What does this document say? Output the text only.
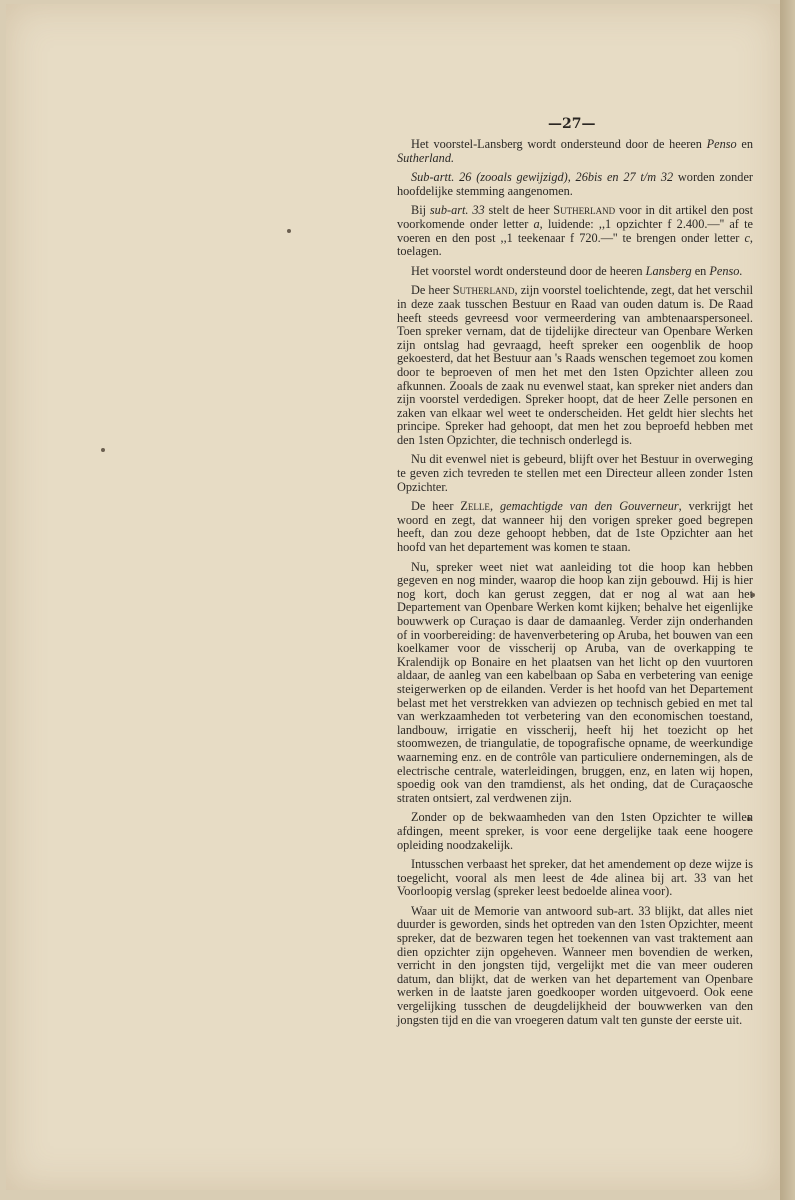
—27—

Het voorstel-Lansberg wordt ondersteund door de heeren Penso en Sutherland.

Sub-artt. 26 (zooals gewijzigd), 26bis en 27 t/m 32 worden zonder hoofdelijke stemming aangenomen.

Bij sub-art. 33 stelt de heer Sutherland voor in dit artikel den post voorkomende onder letter a, luidende: ,,1 opzichter f 2.400.—'' af te voeren en den post ,,1 teekenaar f 720.—'' te brengen onder letter c, toelagen.

Het voorstel wordt ondersteund door de heeren Lansberg en Penso.

De heer Sutherland, zijn voorstel toelichtende, zegt, dat het verschil in deze zaak tusschen Bestuur en Raad van ouden datum is. De Raad heeft steeds gevreesd voor vermeerdering van ambtenaarspersoneel. Toen spreker vernam, dat de tijdelijke directeur van Openbare Werken zijn ontslag had gevraagd, heeft spreker een oogenblik de hoop gekoesterd, dat het Bestuur aan 's Raads wenschen tegemoet zou komen door te beproeven of men het met den 1sten Opzichter alleen zou afkunnen. Zooals de zaak nu evenwel staat, kan spreker niet anders dan zijn voorstel verdedigen. Spreker hoopt, dat de heer Zelle personen en zaken van elkaar wel weet te onderscheiden. Het geldt hier slechts het principe. Spreker had gehoopt, dat men het zou beproefd hebben met den 1sten Opzichter, die technisch onderlegd is.

Nu dit evenwel niet is gebeurd, blijft over het Bestuur in overweging te geven zich tevreden te stellen met een Directeur alleen zonder 1sten Opzichter.

De heer Zelle, gemachtigde van den Gouverneur, verkrijgt het woord en zegt, dat wanneer hij den vorigen spreker goed begrepen heeft, dan zou deze gehoopt hebben, dat de 1ste Opzichter aan het hoofd van het departement was komen te staan.

Nu, spreker weet niet wat aanleiding tot die hoop kan hebben gegeven en nog minder, waarop die hoop kan zijn gebouwd. Hij is hier nog kort, doch kan gerust zeggen, dat er nog al wat aan het Departement van Openbare Werken komt kijken; behalve het eigenlijke bouwwerk op Curaçao is daar de damaanleg. Verder zijn onderhanden of in voorbereiding: de havenverbetering op Aruba, het bouwen van een koelkamer voor de visscherij op Aruba, van de overkapping te Kralendijk op Bonaire en het plaatsen van het licht op den vuurtoren aldaar, de aanleg van een kabelbaan op Saba en verbetering van eenige steigerwerken op de eilanden. Verder is het hoofd van het Departement belast met het verstrekken van adviezen op technisch gebied en met tal van werkzaamheden tot verbetering van den economischen toestand, landbouw, irrigatie en visscherij, heeft hij het toezicht op het stoomwezen, de triangulatie, de topografische opname, de weerkundige waarneming enz. en de contrôle van particuliere ondernemingen, als de electrische centrale, waterleidingen, bruggen, enz, en laten wij hopen, spoedig ook van den tramdienst, als het onding, dat de Curaçaosche straten ontsiert, zal verdwenen zijn.

Zonder op de bekwaamheden van den 1sten Opzichter te willen afdingen, meent spreker, is voor eene dergelijke taak eene hoogere opleiding noodzakelijk.

Intusschen verbaast het spreker, dat het amendement op deze wijze is toegelicht, vooral als men leest de 4de alinea bij art. 33 van het Voorloopig verslag (spreker leest bedoelde alinea voor).

Waar uit de Memorie van antwoord sub-art. 33 blijkt, dat alles niet duurder is geworden, sinds het optreden van den 1sten Opzichter, meent spreker, dat de bezwaren tegen het toekennen van vast traktement aan dien opzichter zijn opgeheven. Wanneer men bovendien de werken, verricht in den jongsten tijd, vergelijkt met die van meer ouderen datum, dan blijkt, dat de werken van het departement van Openbare werken in de laatste jaren goedkooper worden uitgevoerd. Ook eene vergelijking tusschen de deugdelijkheid der bouwwerken van den jongsten tijd en die van vroegeren datum valt ten gunste der eerste uit.
